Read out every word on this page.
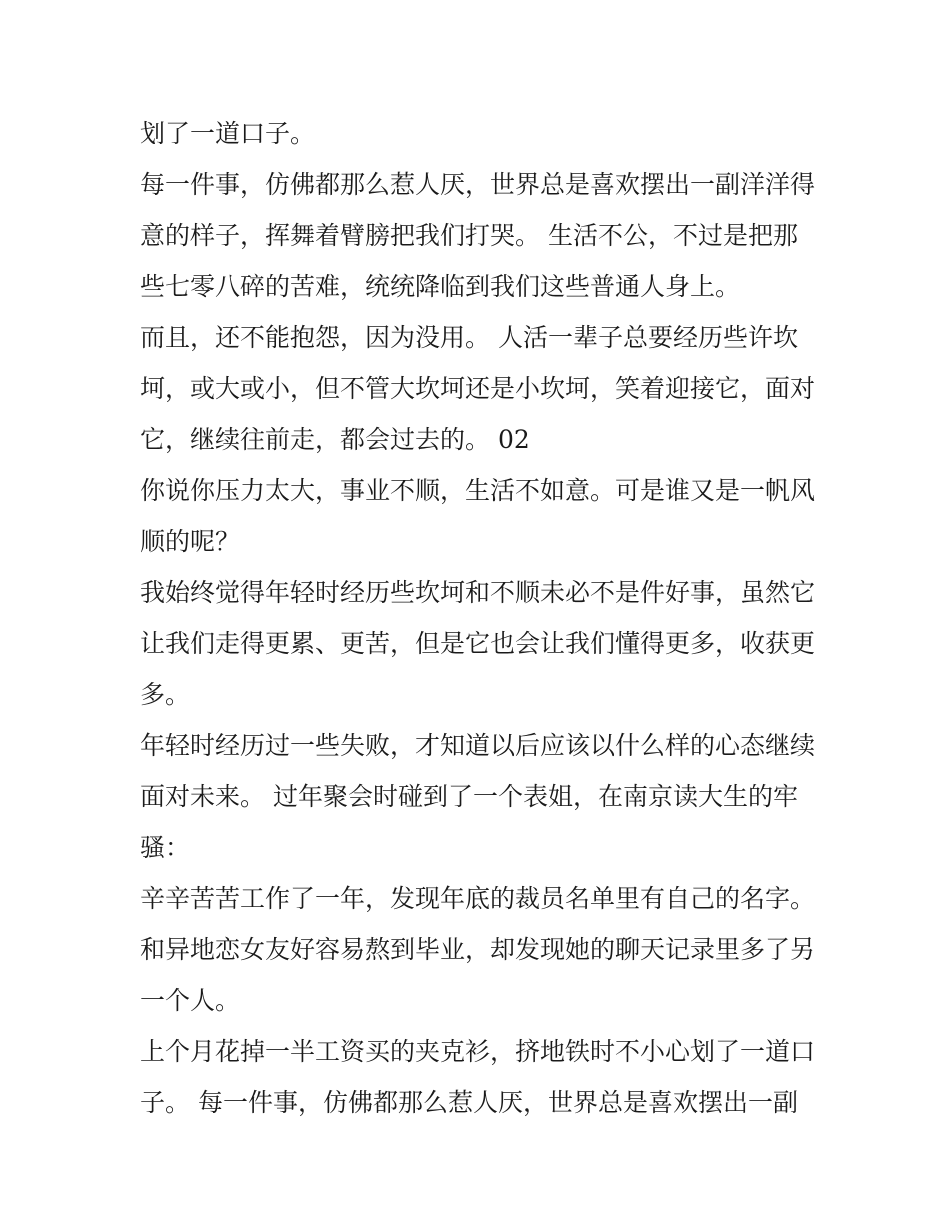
划了一道口子。
每一件事，仿佛都那么惹人厌，世界总是喜欢摆出一副洋洋得
意的样子，挥舞着臂膀把我们打哭。 生活不公，不过是把那
些七零八碎的苦难，统统降临到我们这些普通人身上。
而且，还不能抱怨，因为没用。 人活一辈子总要经历些许坎
坷，或大或小，但不管大坎坷还是小坎坷，笑着迎接它，面对
它，继续往前走，都会过去的。 02
你说你压力太大，事业不顺，生活不如意。可是谁又是一帆风
顺的呢？
我始终觉得年轻时经历些坎坷和不顺未必不是件好事，虽然它
让我们走得更累、更苦，但是它也会让我们懂得更多，收获更
多。
年轻时经历过一些失败，才知道以后应该以什么样的心态继续
面对未来。 过年聚会时碰到了一个表姐，在南京读大生的牢
骚：
辛辛苦苦工作了一年，发现年底的裁员名单里有自己的名字。
和异地恋女友好容易熬到毕业，却发现她的聊天记录里多了另
一个人。
上个月花掉一半工资买的夹克衫，挤地铁时不小心划了一道口
子。 每一件事，仿佛都那么惹人厌，世界总是喜欢摆出一副
